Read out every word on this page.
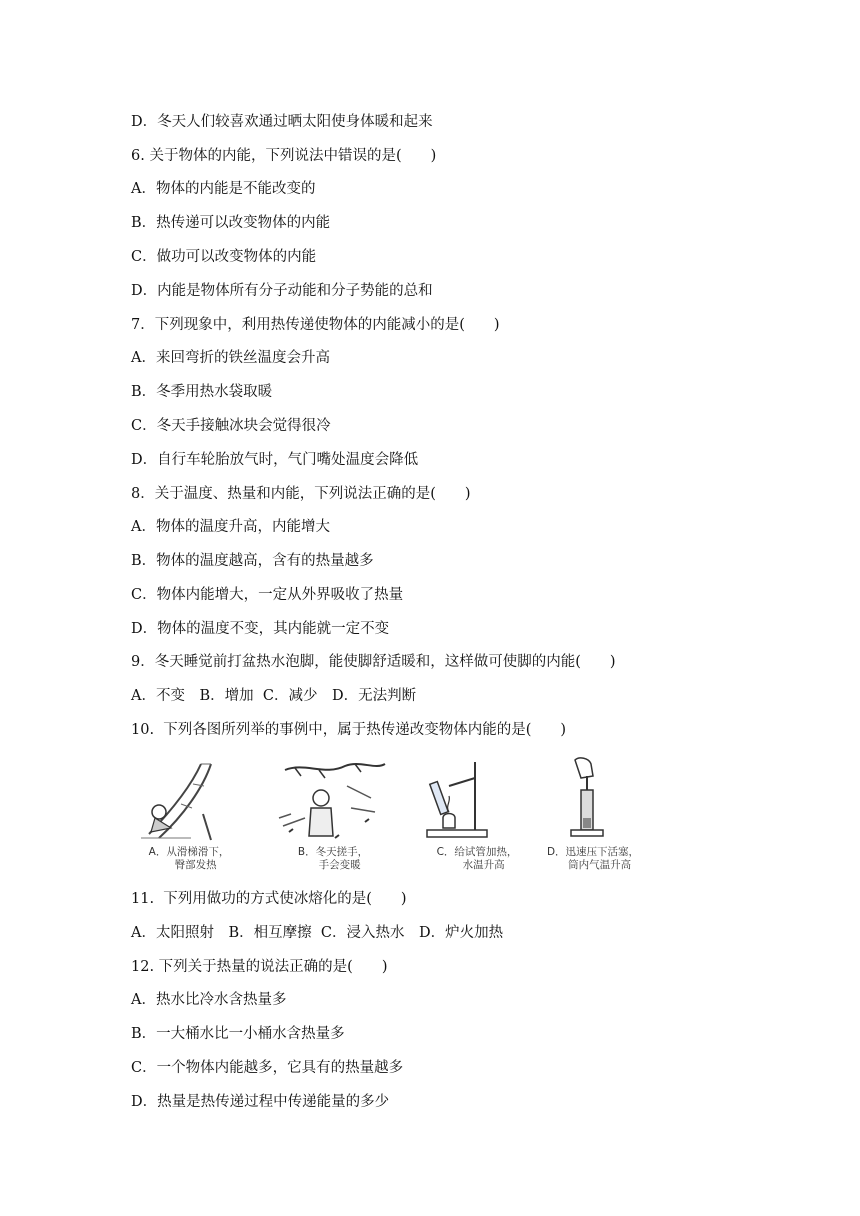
D．冬天人们较喜欢通过晒太阳使身体暖和起来
6. 关于物体的内能，下列说法中错误的是(　　)
A．物体的内能是不能改变的
B．热传递可以改变物体的内能
C．做功可以改变物体的内能
D．内能是物体所有分子动能和分子势能的总和
7．下列现象中，利用热传递使物体的内能减小的是(　　)
A．来回弯折的铁丝温度会升高
B．冬季用热水袋取暖
C．冬天手接触冰块会觉得很冷
D．自行车轮胎放气时，气门嘴处温度会降低
8．关于温度、热量和内能，下列说法正确的是(　　)
A．物体的温度升高，内能增大
B．物体的温度越高，含有的热量越多
C．物体内能增大，一定从外界吸收了热量
D．物体的温度不变，其内能就一定不变
9．冬天睡觉前打盆热水泡脚，能使脚舒适暖和，这样做可使脚的内能(　　)
A．不变　B．增加  C．减少　D．无法判断
10.  下列各图所列举的事例中，属于热传递改变物体内能的是(　　)
A．从滑梯滑下，
臀部发热
B．冬天搓手，
手会变暖
C．给试管加热，
水温升高
D．迅速压下活塞，
筒内气温升高
11.  下列用做功的方式使冰熔化的是(　　)
A．太阳照射　B．相互摩擦  C．浸入热水　D．炉火加热
12. 下列关于热量的说法正确的是(　　)
A．热水比冷水含热量多
B．一大桶水比一小桶水含热量多
C．一个物体内能越多，它具有的热量越多
D．热量是热传递过程中传递能量的多少
